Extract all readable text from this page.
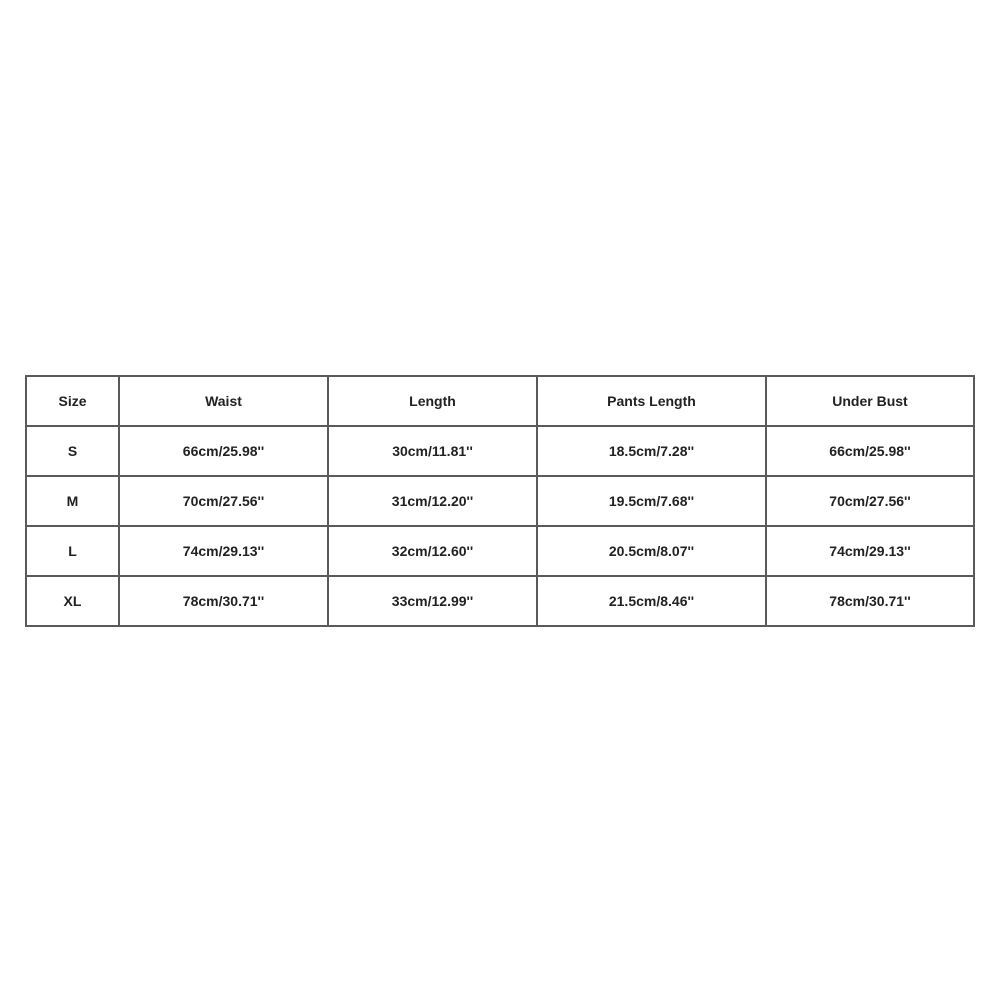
Size	Waist	Length	Pants Length	Under Bust
S	66cm/25.98''	30cm/11.81''	18.5cm/7.28''	66cm/25.98''
M	70cm/27.56''	31cm/12.20''	19.5cm/7.68''	70cm/27.56''
L	74cm/29.13''	32cm/12.60''	20.5cm/8.07''	74cm/29.13''
XL	78cm/30.71''	33cm/12.99''	21.5cm/8.46''	78cm/30.71''
